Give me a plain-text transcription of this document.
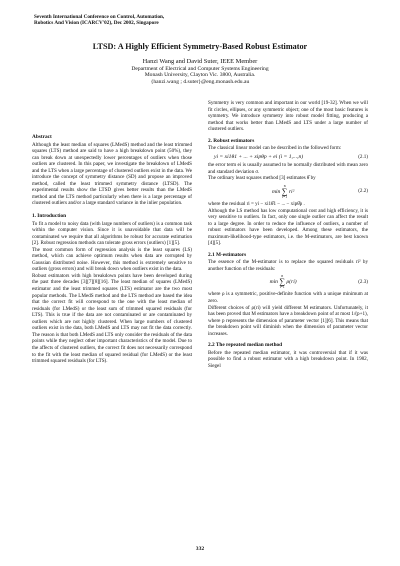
Seventh International Conference on Control, Automation,
Robotics And Vision (ICARCV'02), Dec 2002, Singapore
LTSD: A Highly Efficient Symmetry-Based Robust Estimator
Hanzi Wang and David Suter, IEEE Member
Department of Electrical and Computer Systems Engineering
Monash University, Clayton Vic. 3800, Australia.
{hanzi.wang ; d.suter}@eng.monash.edu.au
Abstract

Although the least median of squares (LMedS) method and the least trimmed squares (LTS) method are said to have a high breakdown point (50%), they can break down at unexpectedly lower percentages of outliers when those outliers are clustered. In this paper, we investigate the breakdown of LMedS and the LTS when a large percentage of clustered outliers exist in the data. We introduce the concept of symmetry distance (SD) and propose an improved method, called the least trimmed symmetry distance (LTSD). The experimental results show the LTSD gives better results than the LMedS method and the LTS method particularly when there is a large percentage of clustered outliers and/or a large standard variance in the inlier population.

1. Introduction

To fit a model to noisy data (with large numbers of outliers) is a common task within the computer vision. Since it is unavoidable that data will be contaminated we require that all algorithms be robust for accurate estimation [2]. Robust regression methods can tolerate gross errors (outliers) [1][5].

The most common form of regression analysis is the least squares (LS) method, which can achieve optimum results when data are corrupted by Gaussian distributed noise. However, this method is extremely sensitive to outliers (gross errors) and will break down when outliers exist in the data.

Robust estimators with high breakdown points have been developed during the past three decades [3][7][8][16]. The least median of squares (LMedS) estimator and the least trimmed squares (LTS) estimator are the two most popular methods. The LMedS method and the LTS method are based the idea that the correct fit will correspond to the one with the least median of residuals (for LMedS) or the least sum of trimmed squared residuals (for LTS). This is true if the data are not contaminated or are contaminated by outliers which are not highly clustered. When large numbers of clustered outliers exist in the data, both LMedS and LTS may not fit the data correctly. The reason is that both LMedS and LTS only consider the residuals of the data points while they neglect other important characteristics of the model. Due to the affects of clustered outliers, the correct fit does not necessarily correspond to the fit with the least median of squared residual (for LMedS) or the least trimmed squared residuals (for LTS).

Symmetry is very common and important in our world [19-32]. When we will fit circles, ellipses, or any symmetric object; one of the most basic features is symmetry. We introduce symmetry into robust model fitting, producing a method that works better than LMedS and LTS under a large number of clustered outliers.

2. Robust estimators

The classical linear model can be described in the followed form:

yi = xi1θ1 + ... + xipθp + ei (i = 1,...,n)	(2.1)

the error term ei is usually assumed to be normally distributed with mean zero and standard deviation σ.

The ordinary least squares method [3] estimates θ̂ by

min
n
∑
i=1
ri²	(2.2)

where the residual ri = yi − xi1θ̂1 − ... − xipθ̂p .

Although the LS method has low computational cost and high efficiency, it is very sensitive to outliers. In fact, only one single outlier can affect the result to a large degree. In order to reduce the influence of outliers, a number of robust estimators have been developed. Among these estimators, the maximum-likelihood-type estimators, i.e. the M-estimators, are best known [4][5].

2.1 M-estimators

The essence of the M-estimator is to replace the squared residuals ri² by another function of the residuals:

min
n
∑
i=1
ρ(ri)	(2.3)

where ρ is a symmetric, positive-definite function with a unique minimum at zero.

Different choices of ρ(ri) will yield different M estimators. Unfortunately, it has been proved that M estimators have a breakdown point of at most 1/(p+1), where p represents the dimension of parameter vector [1][6]. This means that the breakdown point will diminish when the dimension of parameter vector increases.

2.2 The repeated median method

Before the repeated median estimator, it was controversial that if it was possible to find a robust estimator with a high breakdown point. In 1982, Siegel

332
